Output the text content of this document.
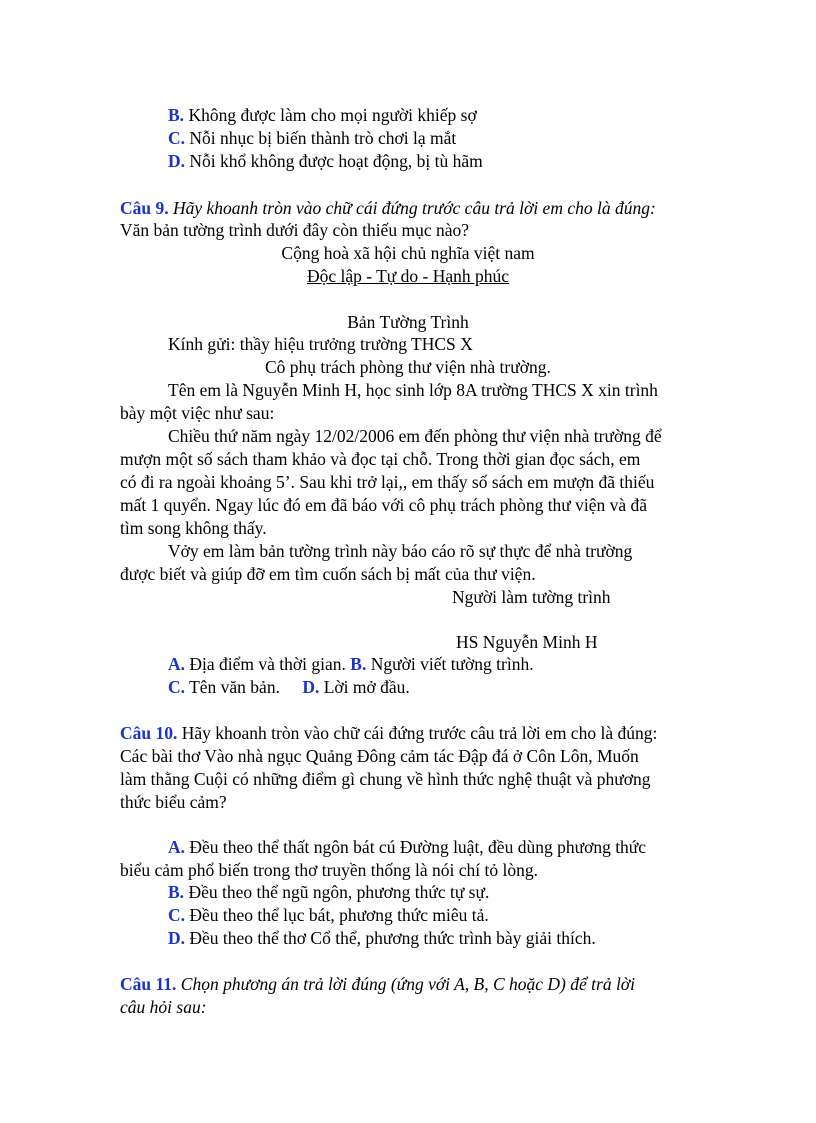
B. Không được làm cho mọi người khiếp sợ
C. Nỗi nhục bị biến thành trò chơi lạ mắt
D. Nỗi khổ không được hoạt động, bị tù hãm
Câu 9. Hãy khoanh tròn vào chữ cái đứng trước câu trả lời em cho là đúng:
Văn bản tường trình dưới đây còn thiếu mục nào?
Cộng hoà xã hội chủ nghĩa việt nam
Độc lập - Tự do - Hạnh phúc
Bản Tường Trình
Kính gửi: thầy hiệu trưởng trường THCS X
Cô phụ trách phòng thư viện nhà trường.
Tên em là Nguyễn Minh H, học sinh lớp 8A trường THCS X xin trình
bày một việc như sau:
Chiều thứ năm ngày 12/02/2006 em đến phòng thư viện nhà trường để
mượn một số sách tham khảo và đọc tại chỗ. Trong thời gian đọc sách, em
có đi ra ngoài khoảng 5’. Sau khi trở lại,, em thấy số sách em mượn đã thiếu
mất 1 quyển. Ngay lúc đó em đã báo với cô phụ trách phòng thư viện và đã
tìm song không thấy.
Vởy em làm bản tường trình này báo cáo rõ sự thực để nhà trường
được biết và giúp đỡ em tìm cuốn sách bị mất của thư viện.
Người làm tường trình
HS Nguyễn Minh H
A. Địa điểm và thời gian. B. Người viết tường trình.
C. Tên văn bản. D. Lời mở đầu.
Câu 10. Hãy khoanh tròn vào chữ cái đứng trước câu trả lời em cho là đúng:
Các bài thơ Vào nhà ngục Quảng Đông cảm tác Đập đá ở Côn Lôn, Muốn
làm thằng Cuội có những điểm gì chung về hình thức nghệ thuật và phương
thức biểu cảm?
A. Đều theo thể thất ngôn bát cú Đường luật, đều dùng phương thức
biểu cảm phổ biến trong thơ truyền thống là nói chí tỏ lòng.
B. Đều theo thể ngũ ngôn, phương thức tự sự.
C. Đều theo thể lục bát, phương thức miêu tả.
D. Đều theo thể thơ Cổ thể, phương thức trình bày giải thích.
Câu 11. Chọn phương án trả lời đúng (ứng với A, B, C hoặc D) để trả lời
câu hỏi sau:
